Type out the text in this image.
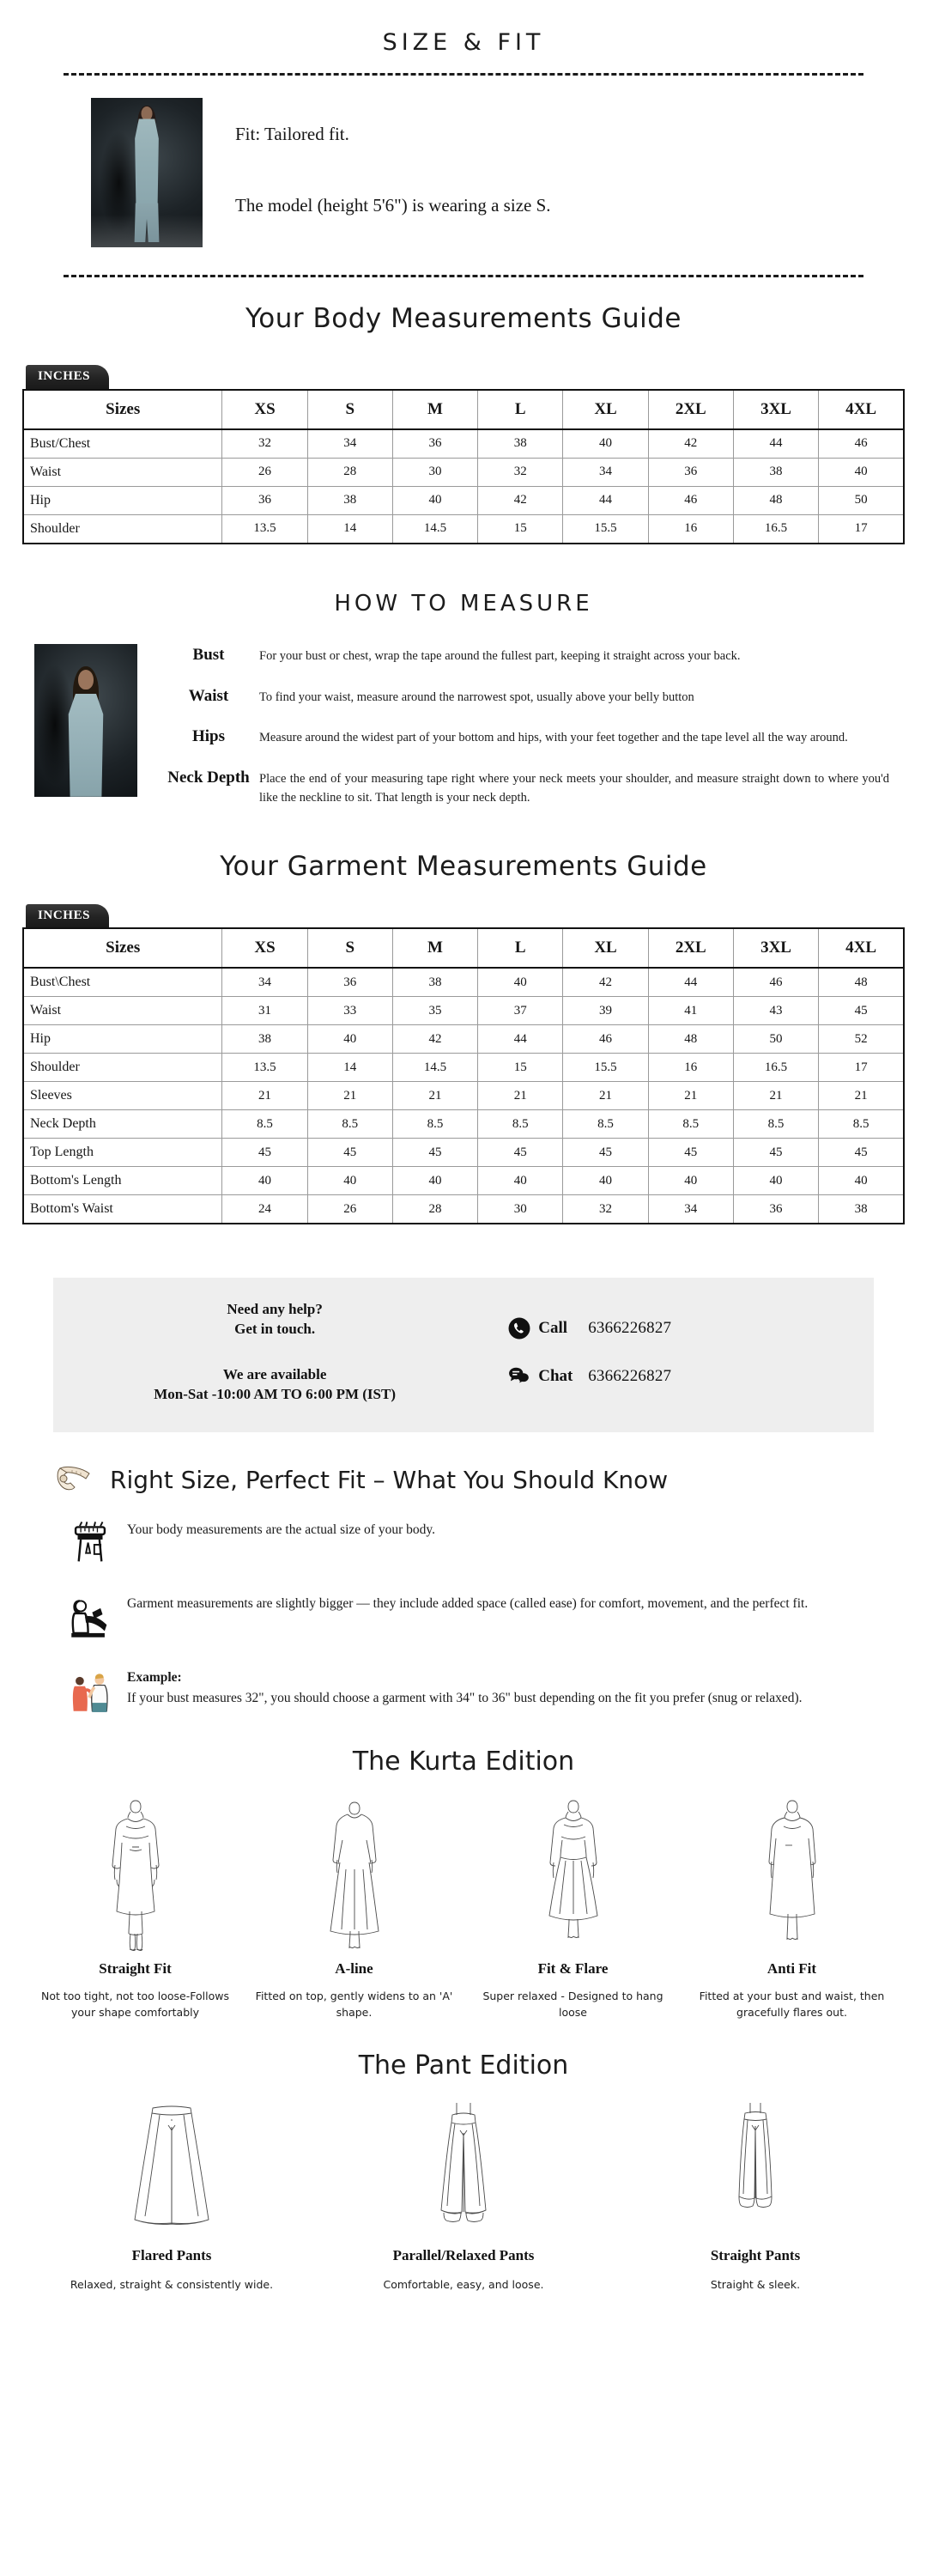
SIZE & FIT

Fit: Tailored fit.

The model (height 5'6") is wearing a size S.

Your Body Measurements Guide
INCHES
Sizes	XS	S	M	L	XL	2XL	3XL	4XL
Bust/Chest	32	34	36	38	40	42	44	46
Waist	26	28	30	32	34	36	38	40
Hip	36	38	40	42	44	46	48	50
Shoulder	13.5	14	14.5	15	15.5	16	16.5	17
HOW TO MEASURE
Bust	For your bust or chest, wrap the tape around the fullest part, keeping it straight across your back.
Waist	To find your waist, measure around the narrowest spot, usually above your belly button
Hips	Measure around the widest part of your bottom and hips, with your feet together and the tape level all the way around.
Neck Depth Place the end of your measuring tape right where your neck meets your shoulder, and measure straight down to where you'd like the neckline to sit. That length is your neck depth.
Your Garment Measurements Guide
INCHES
Sizes	XS	S	M	L	XL	2XL	3XL	4XL
Bust\Chest	34	36	38	40	42	44	46	48
Waist	31	33	35	37	39	41	43	45
Hip	38	40	42	44	46	48	50	52
Shoulder	13.5	14	14.5	15	15.5	16	16.5	17
Sleeves	21	21	21	21	21	21	21	21
Neck Depth	8.5	8.5	8.5	8.5	8.5	8.5	8.5	8.5
Top Length	45	45	45	45	45	45	45	45
Bottom's Length	40	40	40	40	40	40	40	40
Bottom's Waist	24	26	28	30	32	34	36	38
Need any help?
Get in touch.
We are available
Mon-Sat -10:00 AM TO 6:00 PM (IST)
Call	6366226827
Chat 6366226827
Right Size, Perfect Fit – What You Should Know
Your body measurements are the actual size of your body.
Garment measurements are slightly bigger — they include added space (called ease) for comfort, movement, and the perfect fit.
Example:
If your bust measures 32", you should choose a garment with 34" to 36" bust depending on the fit you prefer (snug or relaxed).
The Kurta Edition
Straight Fit
Not too tight, not too loose-Follows your shape comfortably
A-line
Fitted on top, gently widens to an 'A' shape.
Fit & Flare
Super relaxed - Designed to hang loose
Anti Fit
Fitted at your bust and waist, then gracefully flares out.
The Pant Edition
Flared Pants
Relaxed, straight & consistently wide.
Parallel/Relaxed Pants
Comfortable, easy, and loose.
Straight Pants
Straight & sleek.
